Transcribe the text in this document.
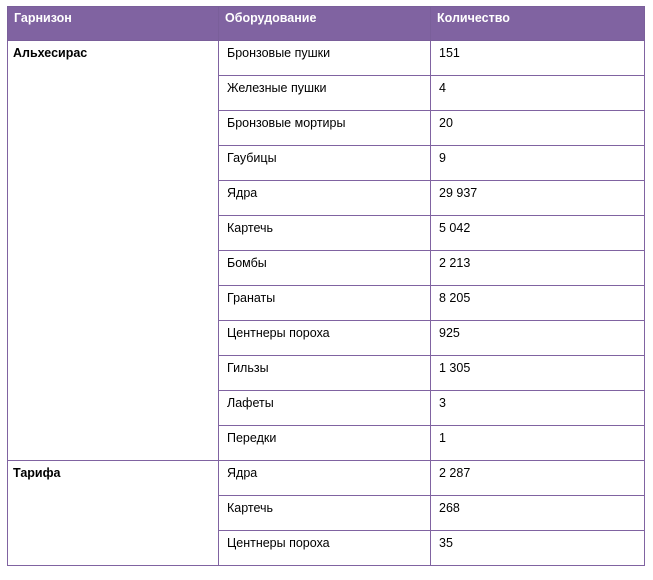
Гарнизон	Оборудование	Количество
Альхесирас	Бронзовые пушки	151
	Железные пушки	4
	Бронзовые мортиры	20
	Гаубицы	9
	Ядра	29 937
	Картечь	5 042
	Бомбы	2 213
	Гранаты	8 205
	Центнеры пороха	925
	Гильзы	1 305
	Лафеты	3
	Передки	1
Тарифа	Ядра	2 287
	Картечь	268
	Центнеры пороха	35
